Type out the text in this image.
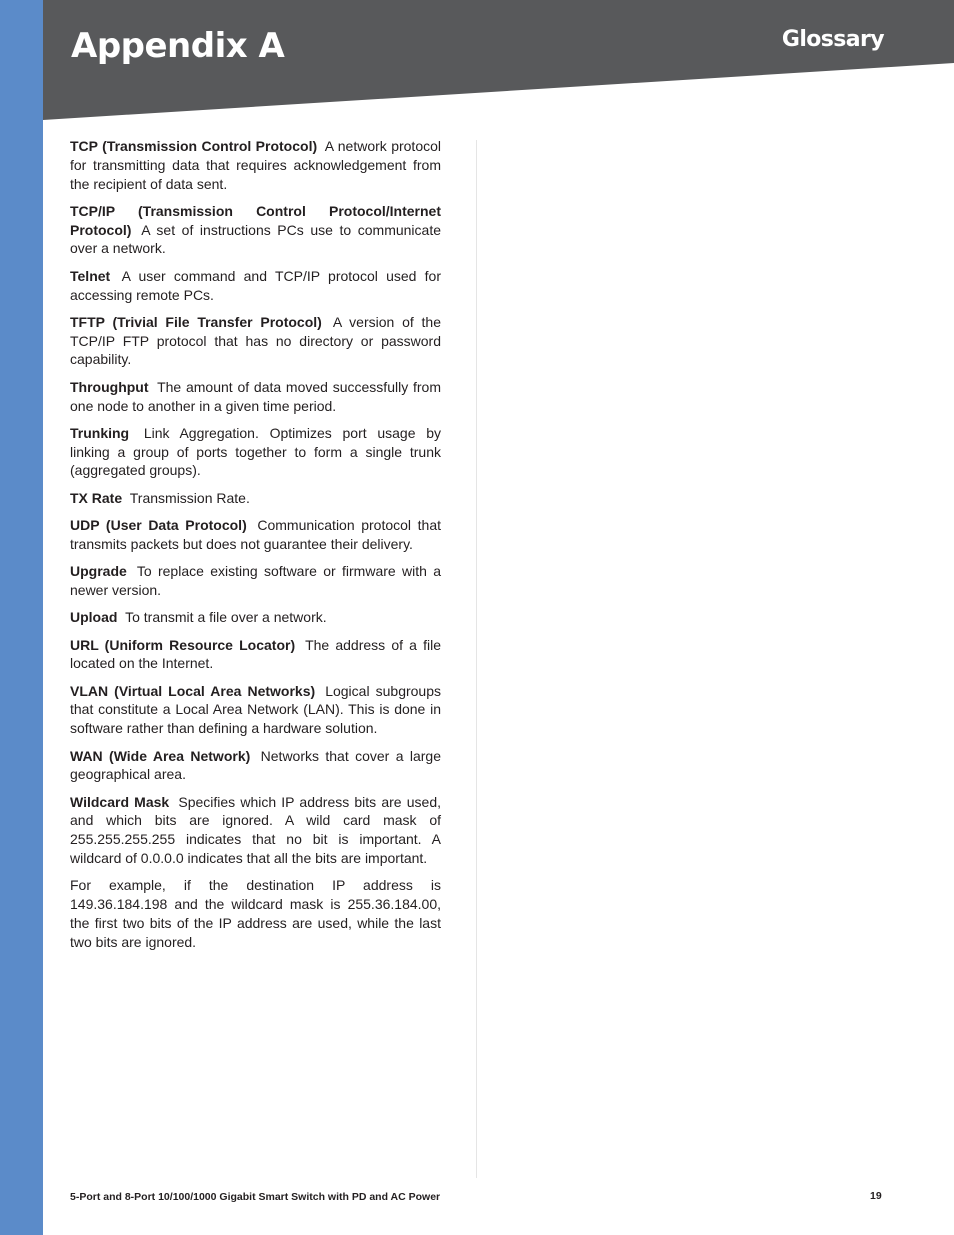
Appendix A	Glossary

TCP (Transmission Control Protocol) A network protocol for transmitting data that requires acknowledgement from the recipient of data sent.

TCP/IP (Transmission Control Protocol/Internet Protocol) A set of instructions PCs use to communicate over a network.

Telnet A user command and TCP/IP protocol used for accessing remote PCs.

TFTP (Trivial File Transfer Protocol) A version of the TCP/IP FTP protocol that has no directory or password capability.

Throughput The amount of data moved successfully from one node to another in a given time period.

Trunking Link Aggregation. Optimizes port usage by linking a group of ports together to form a single trunk (aggregated groups).

TX Rate Transmission Rate.

UDP (User Data Protocol) Communication protocol that transmits packets but does not guarantee their delivery.

Upgrade To replace existing software or firmware with a newer version.

Upload To transmit a file over a network.

URL (Uniform Resource Locator) The address of a file located on the Internet.

VLAN (Virtual Local Area Networks) Logical subgroups that constitute a Local Area Network (LAN). This is done in software rather than defining a hardware solution.

WAN (Wide Area Network) Networks that cover a large geographical area.

Wildcard Mask Specifies which IP address bits are used, and which bits are ignored. A wild card mask of 255.255.255.255 indicates that no bit is important. A wildcard of 0.0.0.0 indicates that all the bits are important.

For example, if the destination IP address is 149.36.184.198 and the wildcard mask is 255.36.184.00, the first two bits of the IP address are used, while the last two bits are ignored.

5-Port and 8-Port 10/100/1000 Gigabit Smart Switch with PD and AC Power	19
